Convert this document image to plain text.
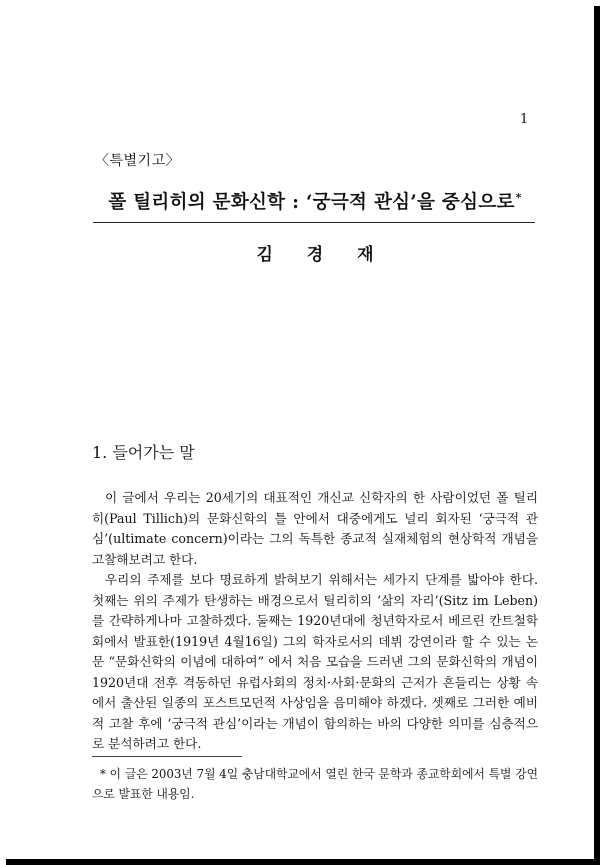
1
〈특별기고〉
폴 틸리히의 문화신학 : ‘궁극적 관심’을 중심으로*
김 경 재
1. 들어가는 말

이 글에서 우리는 20세기의 대표적인 개신교 신학자의 한 사람이었던 폴 틸리히(Paul Tillich)의 문화신학의 틀 안에서 대중에게도 널리 회자된 ‘궁극적 관심’(ultimate concern)이라는 그의 독특한 종교적 실재체험의 현상학적 개념을 고찰해보려고 한다.

우리의 주제를 보다 명료하게 밝혀보기 위해서는 세가지 단계를 밟아야 한다. 첫째는 위의 주제가 탄생하는 배경으로서 틸리히의 ‘삶의 자리’(Sitz im Leben)를 간략하게나마 고찰하겠다. 둘째는 1920년대에 청년학자로서 베르린 칸트철학회에서 발표한(1919년 4월16일) 그의 학자로서의 데뷔 강연이라 할 수 있는 논문 “문화신학의 이념에 대하여” 에서 처음 모습을 드러낸 그의 문화신학의 개념이 1920년대 전후 격동하던 유럽사회의 정치·사회·문화의 근저가 흔들리는 상황 속에서 출산된 일종의 포스트모던적 사상임을 음미해야 하겠다. 셋째로 그러한 예비적 고찰 후에 ‘궁극적 관심’이라는 개념이 함의하는 바의 다양한 의미를 심층적으로 분석하려고 한다.

* 이 글은 2003년 7월 4일 충남대학교에서 열린 한국 문학과 종교학회에서 특별 강연으로 발표한 내용임.
